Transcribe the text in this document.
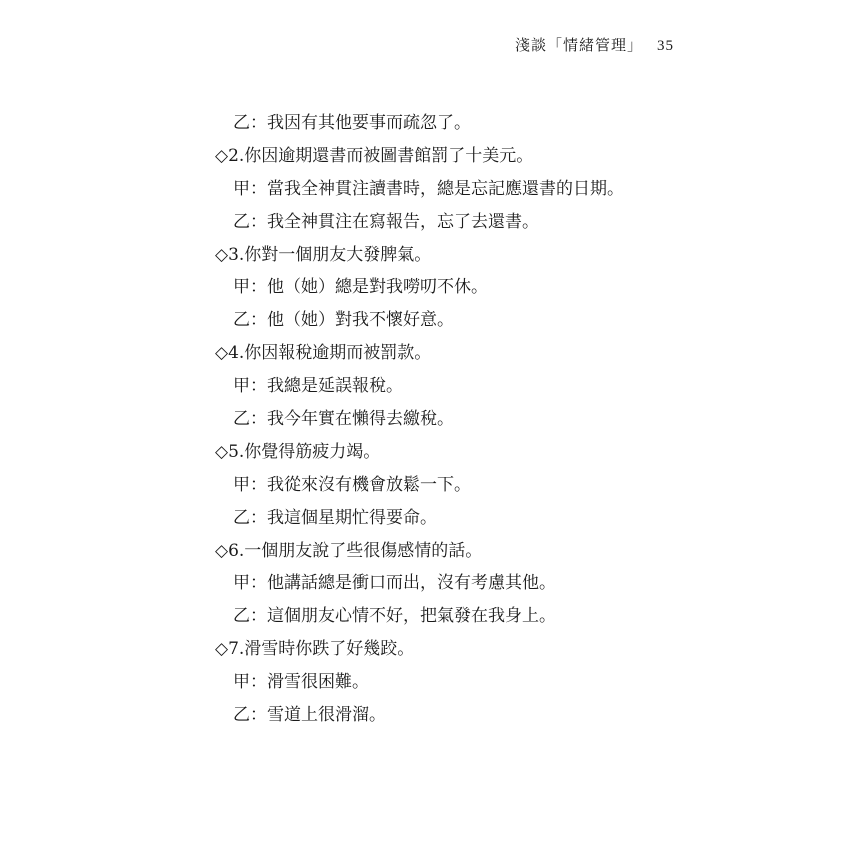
淺談「情緒管理」 35
乙：我因有其他要事而疏忽了。
◇2.你因逾期還書而被圖書館罰了十美元。
甲：當我全神貫注讀書時，總是忘記應還書的日期。
乙：我全神貫注在寫報告，忘了去還書。
◇3.你對一個朋友大發脾氣。
甲：他（她）總是對我嘮叨不休。
乙：他（她）對我不懷好意。
◇4.你因報稅逾期而被罰款。
甲：我總是延誤報稅。
乙：我今年實在懶得去繳稅。
◇5.你覺得筋疲力竭。
甲：我從來沒有機會放鬆一下。
乙：我這個星期忙得要命。
◇6.一個朋友說了些很傷感情的話。
甲：他講話總是衝口而出，沒有考慮其他。
乙：這個朋友心情不好，把氣發在我身上。
◇7.滑雪時你跌了好幾跤。
甲：滑雪很困難。
乙：雪道上很滑溜。
